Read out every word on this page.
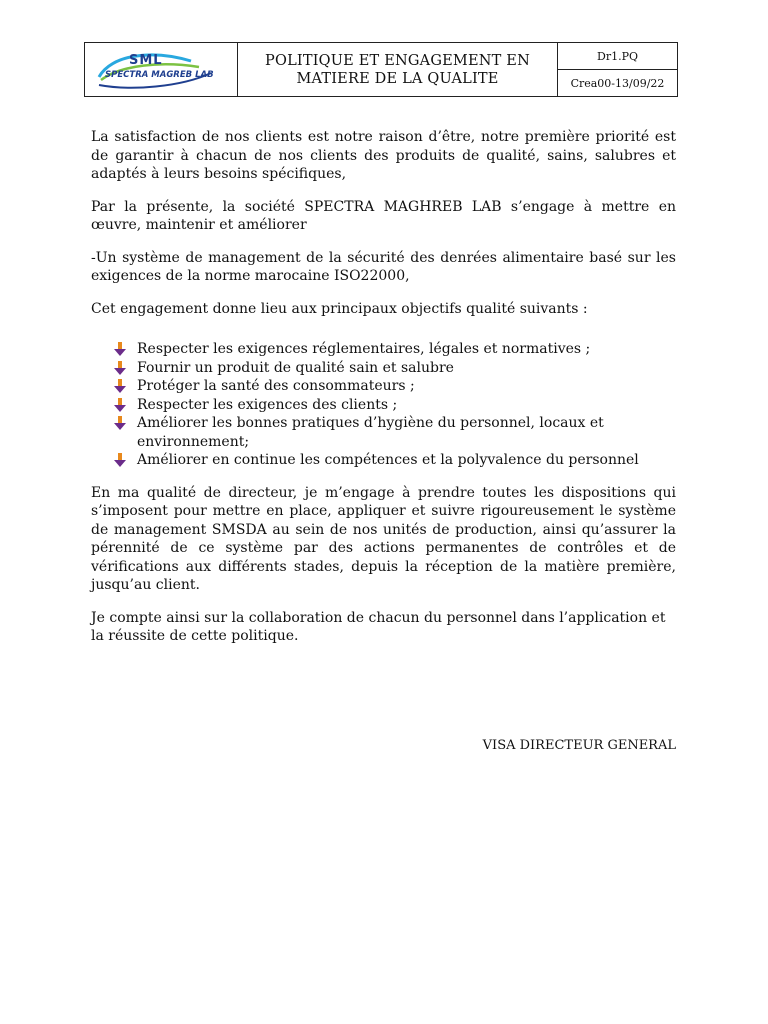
SML
SPECTRA MAGREB LAB
POLITIQUE ET ENGAGEMENT EN
MATIERE DE LA QUALITE
Dr1.PQ
Crea00-13/09/22

La satisfaction de nos clients est notre raison d’être, notre première priorité est de garantir à chacun de nos clients des produits de qualité, sains, salubres et adaptés à leurs besoins spécifiques,

Par la présente, la société SPECTRA MAGHREB LAB s’engage à mettre en œuvre, maintenir et améliorer

-Un système de management de la sécurité des denrées alimentaire basé sur les exigences de la norme marocaine ISO22000,

Cet engagement donne lieu aux principaux objectifs qualité suivants :

Respecter les exigences réglementaires, légales et normatives ;
Fournir un produit de qualité sain et salubre
Protéger la santé des consommateurs ;
Respecter les exigences des clients ;
Améliorer les bonnes pratiques d’hygiène du personnel, locaux et environnement;
Améliorer en continue les compétences et la polyvalence du personnel

En ma qualité de directeur, je m’engage à prendre toutes les dispositions qui s’imposent pour mettre en place, appliquer et suivre rigoureusement le système de management SMSDA au sein de nos unités de production, ainsi qu’assurer la pérennité de ce système par des actions permanentes de contrôles et de vérifications aux différents stades, depuis la réception de la matière première, jusqu’au client.

Je compte ainsi sur la collaboration de chacun du personnel dans l’application et la réussite de cette politique.

VISA DIRECTEUR GENERAL
